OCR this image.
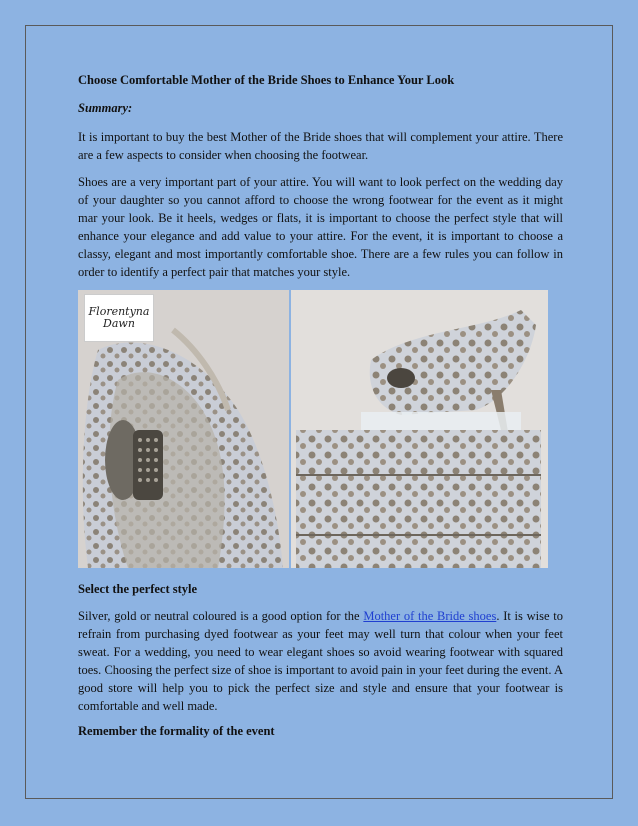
Choose Comfortable Mother of the Bride Shoes to Enhance Your Look
Summary:

It is important to buy the best Mother of the Bride shoes that will complement your attire. There are a few aspects to consider when choosing the footwear.

Shoes are a very important part of your attire. You will want to look perfect on the wedding day of your daughter so you cannot afford to choose the wrong footwear for the event as it might mar your look. Be it heels, wedges or flats, it is important to choose the perfect style that will enhance your elegance and add value to your attire. For the event, it is important to choose a classy, elegant and most importantly comfortable shoe. There are a few rules you can follow in order to identify a perfect pair that matches your style.

Florentyna
Dawn
Select the perfect style

Silver, gold or neutral coloured is a good option for the Mother of the Bride shoes. It is wise to refrain from purchasing dyed footwear as your feet may well turn that colour when your feet sweat. For a wedding, you need to wear elegant shoes so avoid wearing footwear with squared toes. Choosing the perfect size of shoe is important to avoid pain in your feet during the event. A good store will help you to pick the perfect size and style and ensure that your footwear is comfortable and well made.

Remember the formality of the event
